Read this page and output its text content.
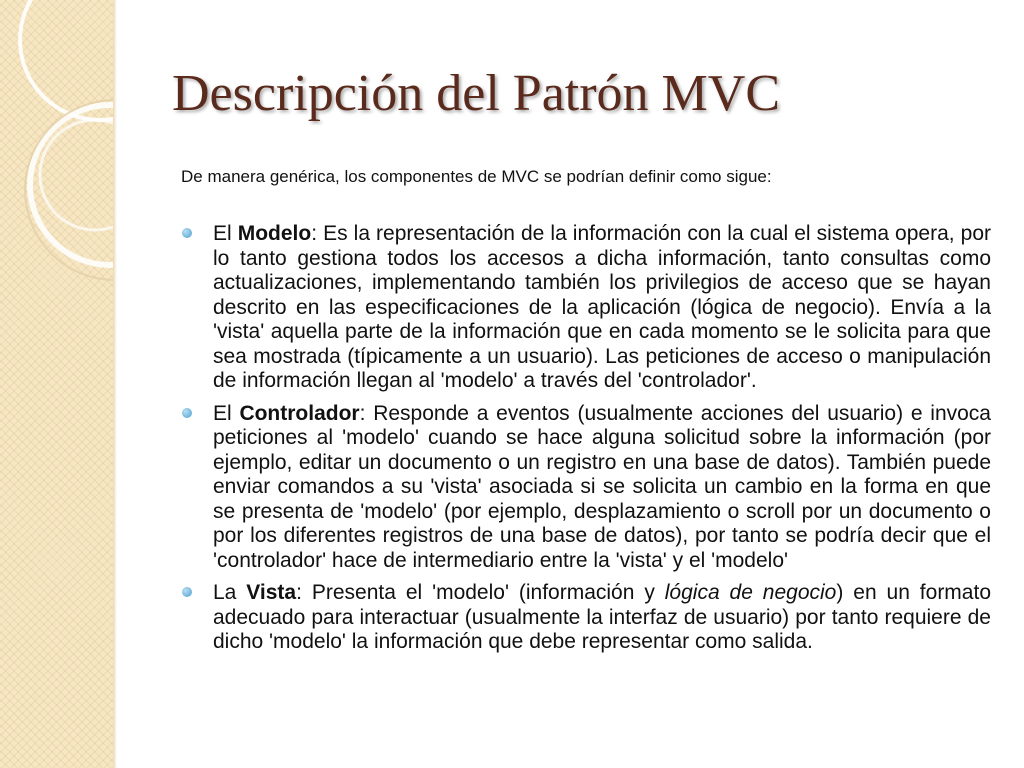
Descripción del Patrón MVC
De manera genérica, los componentes de MVC se podrían definir como sigue:
El Modelo: Es la representación de la información con la cual el sistema opera, por lo tanto gestiona todos los accesos a dicha información, tanto consultas como actualizaciones, implementando también los privilegios de acceso que se hayan descrito en las especificaciones de la aplicación (lógica de negocio). Envía a la 'vista' aquella parte de la información que en cada momento se le solicita para que sea mostrada (típicamente a un usuario). Las peticiones de acceso o manipulación de información llegan al 'modelo' a través del 'controlador'.
El Controlador: Responde a eventos (usualmente acciones del usuario) e invoca peticiones al 'modelo' cuando se hace alguna solicitud sobre la información (por ejemplo, editar un documento o un registro en una base de datos). También puede enviar comandos a su 'vista' asociada si se solicita un cambio en la forma en que se presenta de 'modelo' (por ejemplo, desplazamiento o scroll por un documento o por los diferentes registros de una base de datos), por tanto se podría decir que el 'controlador' hace de intermediario entre la 'vista' y el 'modelo'
La Vista: Presenta el 'modelo' (información y lógica de negocio) en un formato adecuado para interactuar (usualmente la interfaz de usuario) por tanto requiere de dicho 'modelo' la información que debe representar como salida.
